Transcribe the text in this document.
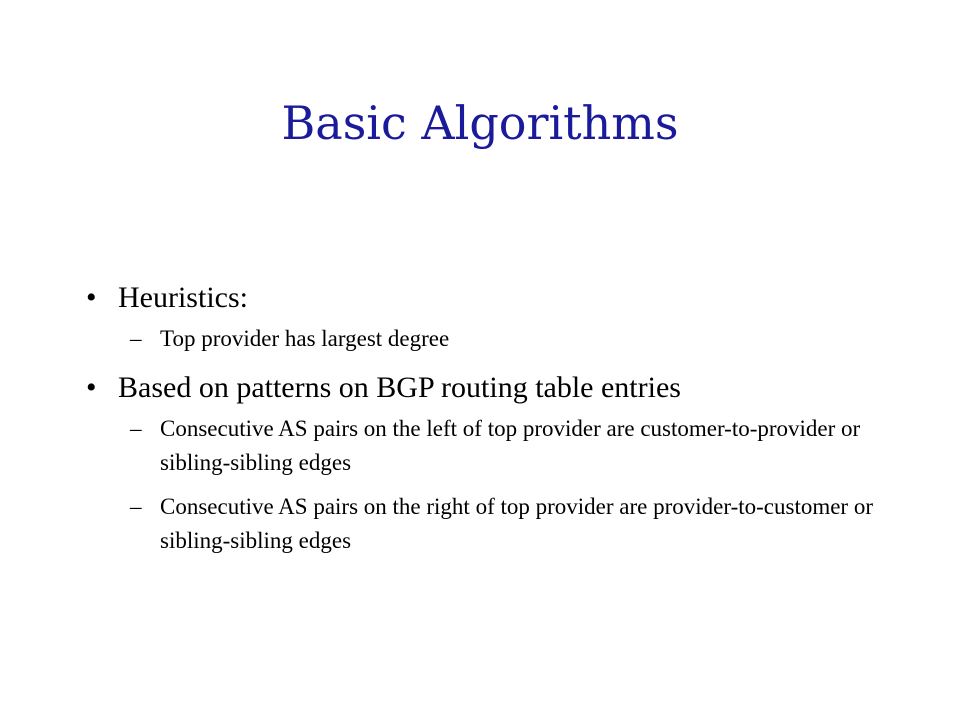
Basic Algorithms
• Heuristics:
– Top provider has largest degree
• Based on patterns on BGP routing table entries
– Consecutive AS pairs on the left of top provider are customer-to-provider or sibling-sibling edges
– Consecutive AS pairs on the right of top provider are provider-to-customer or sibling-sibling edges
